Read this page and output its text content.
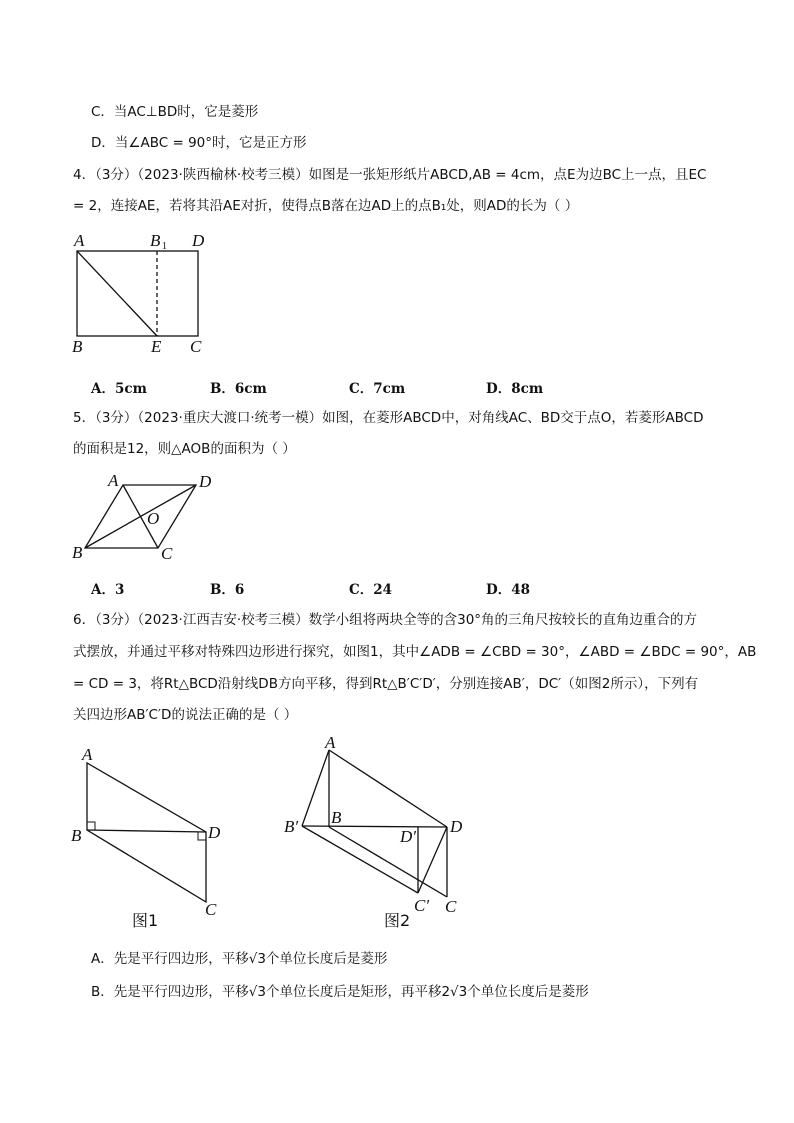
C．当AC⊥BD时，它是菱形
D．当∠ABC = 90°时，它是正方形
4．（3分）（2023·陕西榆林·校考三模）如图是一张矩形纸片ABCD,AB = 4cm，点E为边BC上一点，且EC
= 2，连接AE，若将其沿AE对折，使得点B落在边AD上的点B₁处，则AD的长为（ ）
A	B 1 D
B	E C
A．5cm	B．6cm	C．7cm	D．8cm
5．（3分）（2023·重庆大渡口·统考一模）如图，在菱形ABCD中，对角线AC、BD交于点O，若菱形ABCD
的面积是12，则△AOB的面积为（ ）
A	D
O
B	C
A．3	B．6	C．24	D．48
6．（3分）（2023·江西吉安·校考三模）数学小组将两块全等的含30°角的三角尺按较长的直角边重合的方
式摆放，并通过平移对特殊四边形进行探究，如图1，其中∠ADB = ∠CBD = 30°，∠ABD = ∠BDC = 90°，AB
= CD = 3，将Rt△BCD沿射线DB方向平移，得到Rt△B′C′D′，分别连接AB′，DC′（如图2所示），下列有
关四边形AB′C′D的说法正确的是（ ）
A
B	D
C
图1
A
B
B′
D′
D
C′ C
图2
A．先是平行四边形，平移√3个单位长度后是菱形
B．先是平行四边形，平移√3个单位长度后是矩形，再平移2√3个单位长度后是菱形
